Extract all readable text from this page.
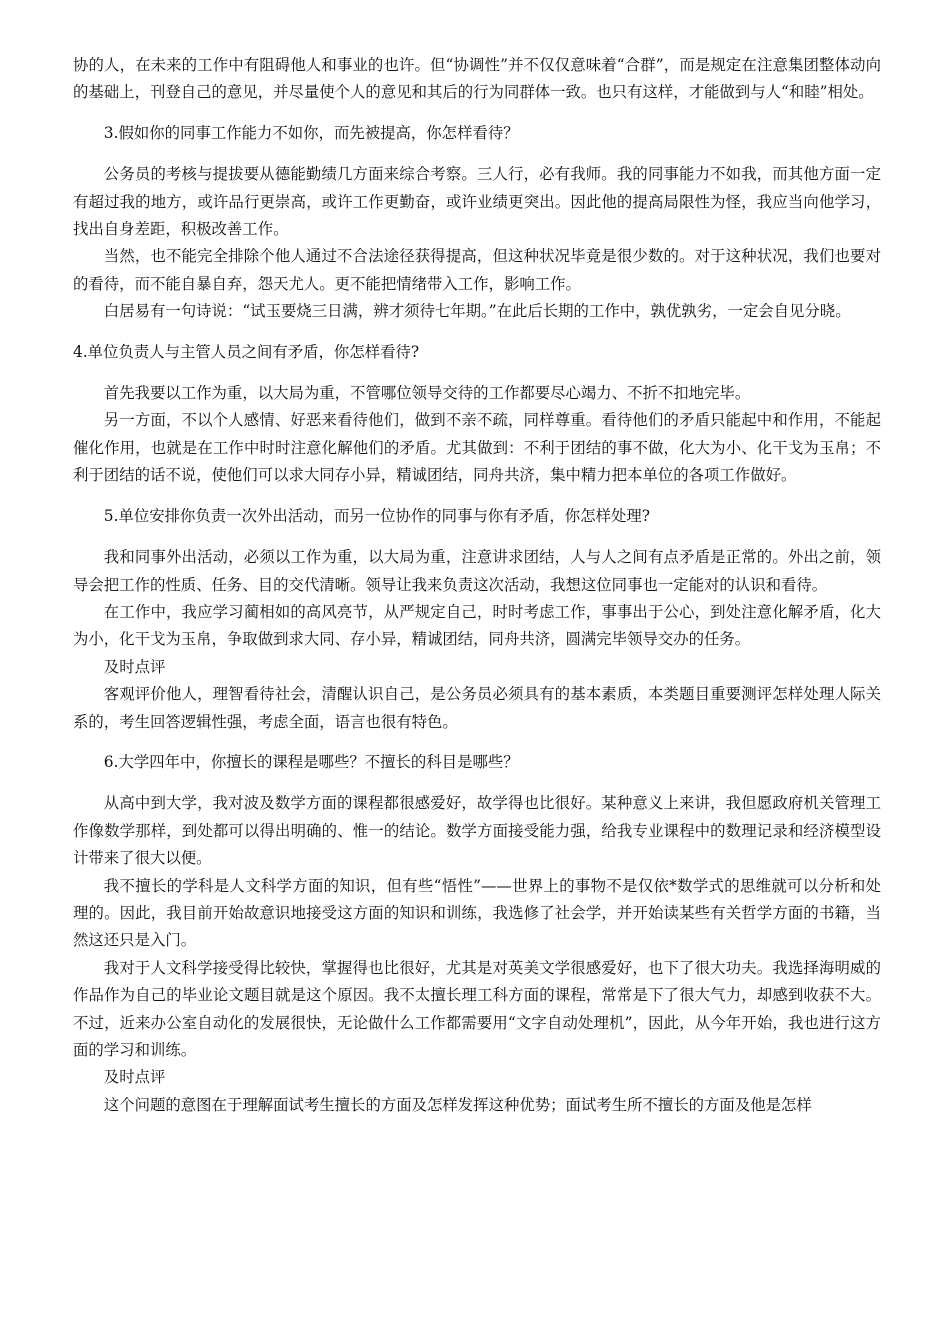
协的人，在未来的工作中有阻碍他人和事业的也许。但“协调性”并不仅仅意味着“合群”，而是规定在注意集团整体动向的基础上，刊登自己的意见，并尽量使个人的意见和其后的行为同群体一致。也只有这样，才能做到与人“和睦”相处。

3.假如你的同事工作能力不如你，而先被提高，你怎样看待？

公务员的考核与提拔要从德能勤绩几方面来综合考察。三人行，必有我师。我的同事能力不如我，而其他方面一定有超过我的地方，或许品行更崇高，或许工作更勤奋，或许业绩更突出。因此他的提高局限性为怪，我应当向他学习，找出自身差距，积极改善工作。

当然，也不能完全排除个他人通过不合法途径获得提高，但这种状况毕竟是很少数的。对于这种状况，我们也要对的看待，而不能自暴自弃，怨天尤人。更不能把情绪带入工作，影响工作。

白居易有一句诗说：“试玉要烧三日满，辨才须待七年期。”在此后长期的工作中，孰优孰劣，一定会自见分晓。

4.单位负责人与主管人员之间有矛盾，你怎样看待?

首先我要以工作为重，以大局为重，不管哪位领导交待的工作都要尽心竭力、不折不扣地完毕。

另一方面，不以个人感情、好恶来看待他们，做到不亲不疏，同样尊重。看待他们的矛盾只能起中和作用，不能起催化作用，也就是在工作中时时注意化解他们的矛盾。尤其做到：不利于团结的事不做，化大为小、化干戈为玉帛；不利于团结的话不说，使他们可以求大同存小异，精诚团结，同舟共济，集中精力把本单位的各项工作做好。

5.单位安排你负责一次外出活动，而另一位协作的同事与你有矛盾，你怎样处理?

我和同事外出活动，必须以工作为重，以大局为重，注意讲求团结，人与人之间有点矛盾是正常的。外出之前，领导会把工作的性质、任务、目的交代清晰。领导让我来负责这次活动，我想这位同事也一定能对的认识和看待。

在工作中，我应学习蔺相如的高风亮节，从严规定自己，时时考虑工作，事事出于公心，到处注意化解矛盾，化大为小，化干戈为玉帛，争取做到求大同、存小异，精诚团结，同舟共济，圆满完毕领导交办的任务。

及时点评

客观评价他人，理智看待社会，清醒认识自己，是公务员必须具有的基本素质，本类题目重要测评怎样处理人际关系的，考生回答逻辑性强，考虑全面，语言也很有特色。

6.大学四年中，你擅长的课程是哪些？不擅长的科目是哪些？

从高中到大学，我对波及数学方面的课程都很感爱好，故学得也比很好。某种意义上来讲，我但愿政府机关管理工作像数学那样，到处都可以得出明确的、惟一的结论。数学方面接受能力强，给我专业课程中的数理记录和经济模型设计带来了很大以便。

我不擅长的学科是人文科学方面的知识，但有些“悟性”——世界上的事物不是仅依*数学式的思维就可以分析和处理的。因此，我目前开始故意识地接受这方面的知识和训练，我选修了社会学，并开始读某些有关哲学方面的书籍，当然这还只是入门。

我对于人文科学接受得比较快，掌握得也比很好，尤其是对英美文学很感爱好，也下了很大功夫。我选择海明威的作品作为自己的毕业论文题目就是这个原因。我不太擅长理工科方面的课程，常常是下了很大气力，却感到收获不大。不过，近来办公室自动化的发展很快，无论做什么工作都需要用“文字自动处理机”，因此，从今年开始，我也进行这方面的学习和训练。

及时点评

这个问题的意图在于理解面试考生擅长的方面及怎样发挥这种优势；面试考生所不擅长的方面及他是怎样
